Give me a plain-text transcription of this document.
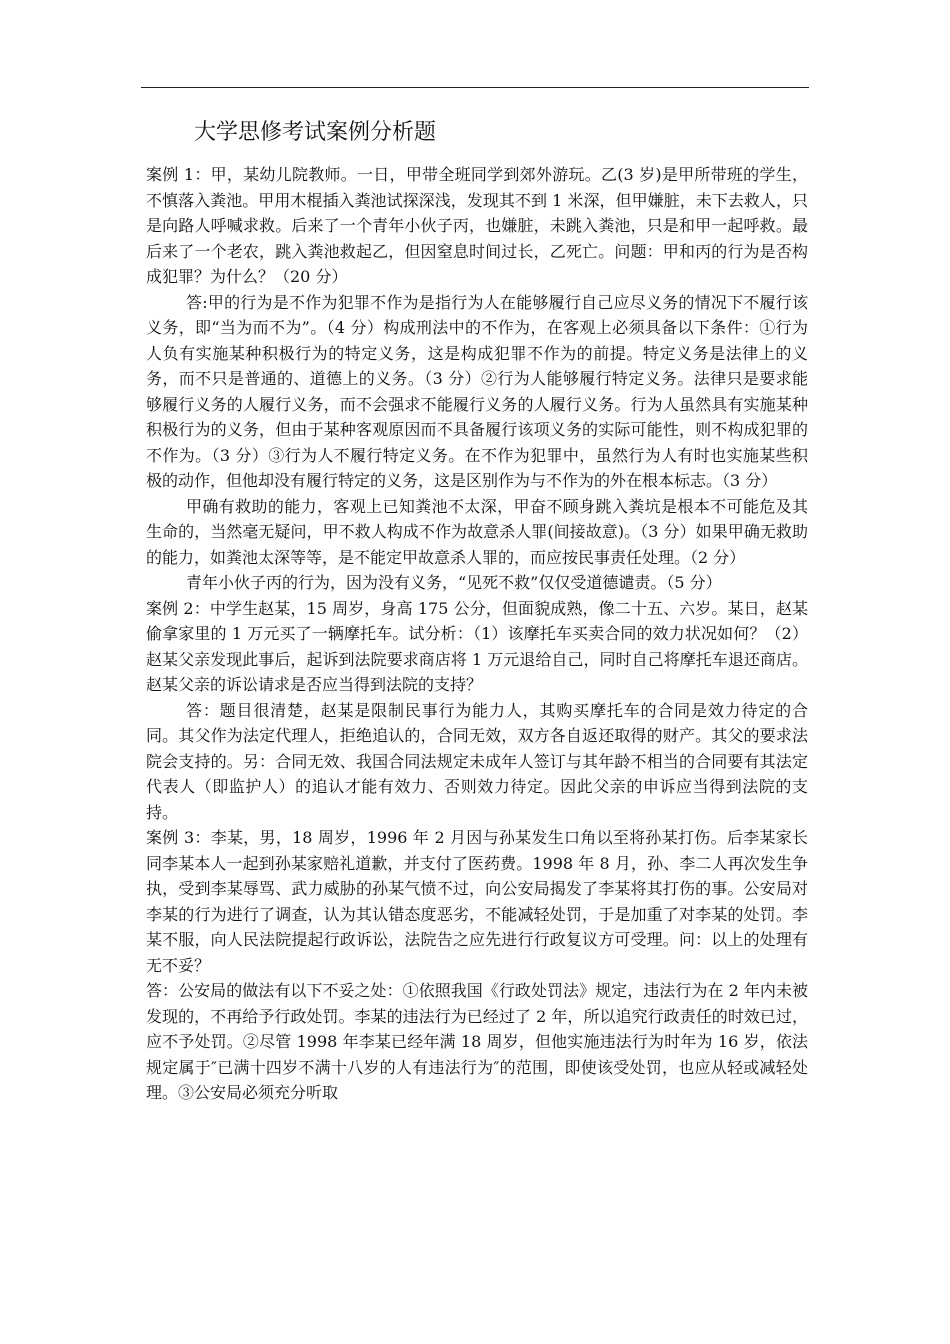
大学思修考试案例分析题

案例 1：甲，某幼儿院教师。一日，甲带全班同学到郊外游玩。乙(3 岁)是甲所带班的学生，不慎落入粪池。甲用木棍插入粪池试探深浅，发现其不到 1 米深，但甲嫌脏，未下去救人，只是向路人呼喊求救。后来了一个青年小伙子丙，也嫌脏，未跳入粪池，只是和甲一起呼救。最后来了一个老农，跳入粪池救起乙，但因窒息时间过长，乙死亡。问题：甲和丙的行为是否构成犯罪？为什么？（20 分）

答:甲的行为是不作为犯罪不作为是指行为人在能够履行自己应尽义务的情况下不履行该义务，即“当为而不为”。（4 分）构成刑法中的不作为，在客观上必须具备以下条件：①行为人负有实施某种积极行为的特定义务，这是构成犯罪不作为的前提。特定义务是法律上的义务，而不只是普通的、道德上的义务。（3 分）②行为人能够履行特定义务。法律只是要求能够履行义务的人履行义务，而不会强求不能履行义务的人履行义务。行为人虽然具有实施某种积极行为的义务，但由于某种客观原因而不具备履行该项义务的实际可能性，则不构成犯罪的不作为。（3 分）③行为人不履行特定义务。在不作为犯罪中，虽然行为人有时也实施某些积极的动作，但他却没有履行特定的义务，这是区别作为与不作为的外在根本标志。（3 分）

甲确有救助的能力，客观上已知粪池不太深，甲奋不顾身跳入粪坑是根本不可能危及其生命的，当然毫无疑问，甲不救人构成不作为故意杀人罪(间接故意)。（3 分）如果甲确无救助的能力，如粪池太深等等，是不能定甲故意杀人罪的，而应按民事责任处理。（2 分）

青年小伙子丙的行为，因为没有义务，“见死不救”仅仅受道德谴责。（5 分）

案例 2：中学生赵某，15 周岁，身高 175 公分，但面貌成熟，像二十五、六岁。某日，赵某偷拿家里的 1 万元买了一辆摩托车。试分析：（1）该摩托车买卖合同的效力状况如何？（2）赵某父亲发现此事后，起诉到法院要求商店将 1 万元退给自己，同时自己将摩托车退还商店。赵某父亲的诉讼请求是否应当得到法院的支持？

答：题目很清楚，赵某是限制民事行为能力人，其购买摩托车的合同是效力待定的合同。其父作为法定代理人，拒绝追认的，合同无效，双方各自返还取得的财产。其父的要求法院会支持的。另：合同无效、我国合同法规定未成年人签订与其年龄不相当的合同要有其法定代表人（即监护人）的追认才能有效力、否则效力待定。因此父亲的申诉应当得到法院的支持。

案例 3：李某，男，18 周岁，1996 年 2 月因与孙某发生口角以至将孙某打伤。后李某家长同李某本人一起到孙某家赔礼道歉，并支付了医药费。1998 年 8 月，孙、李二人再次发生争执，受到李某辱骂、武力威胁的孙某气愤不过，向公安局揭发了李某将其打伤的事。公安局对李某的行为进行了调查，认为其认错态度恶劣，不能减轻处罚，于是加重了对李某的处罚。李某不服，向人民法院提起行政诉讼，法院告之应先进行行政复议方可受理。问：以上的处理有无不妥？

答：公安局的做法有以下不妥之处：①依照我国《行政处罚法》规定，违法行为在 2 年内未被发现的，不再给予行政处罚。李某的违法行为已经过了 2 年，所以追究行政责任的时效已过，应不予处罚。②尽管 1998 年李某已经年满 18 周岁，但他实施违法行为时年为 16 岁，依法规定属于″已满十四岁不满十八岁的人有违法行为″的范围，即使该受处罚，也应从轻或减轻处理。③公安局必须充分听取
